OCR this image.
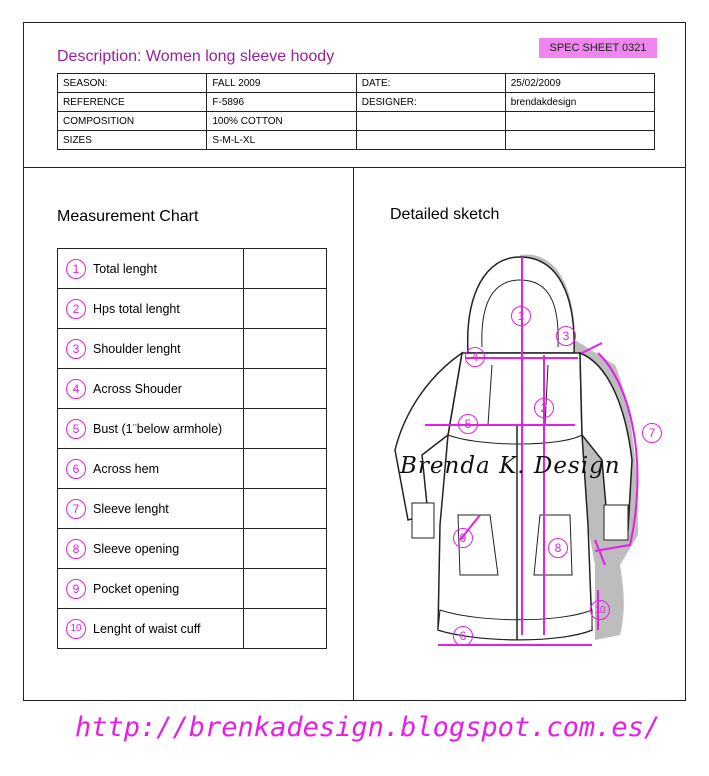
Description: Women long sleeve hoody	SPEC SHEET 0321
SEASON:	FALL 2009	DATE:	25/02/2009
REFERENCE	F-5896	DESIGNER:	brendakdesign
COMPOSITION	100% COTTON		
SIZES	S-M-L-XL		
Measurement Chart
1 Total lenght	
2 Hps total lenght	
3 Shoulder lenght	
4 Across Shouder	
5 Bust (1¨below armhole)	
6 Across hem	
7 Sleeve lenght	
8 Sleeve opening	
9 Pocket opening	
10 Lenght of waist cuff	
Detailed sketch
1
2
3
4
5
6
7
8
9
10
Brenda K. Design
http://brenkadesign.blogspot.com.es/
